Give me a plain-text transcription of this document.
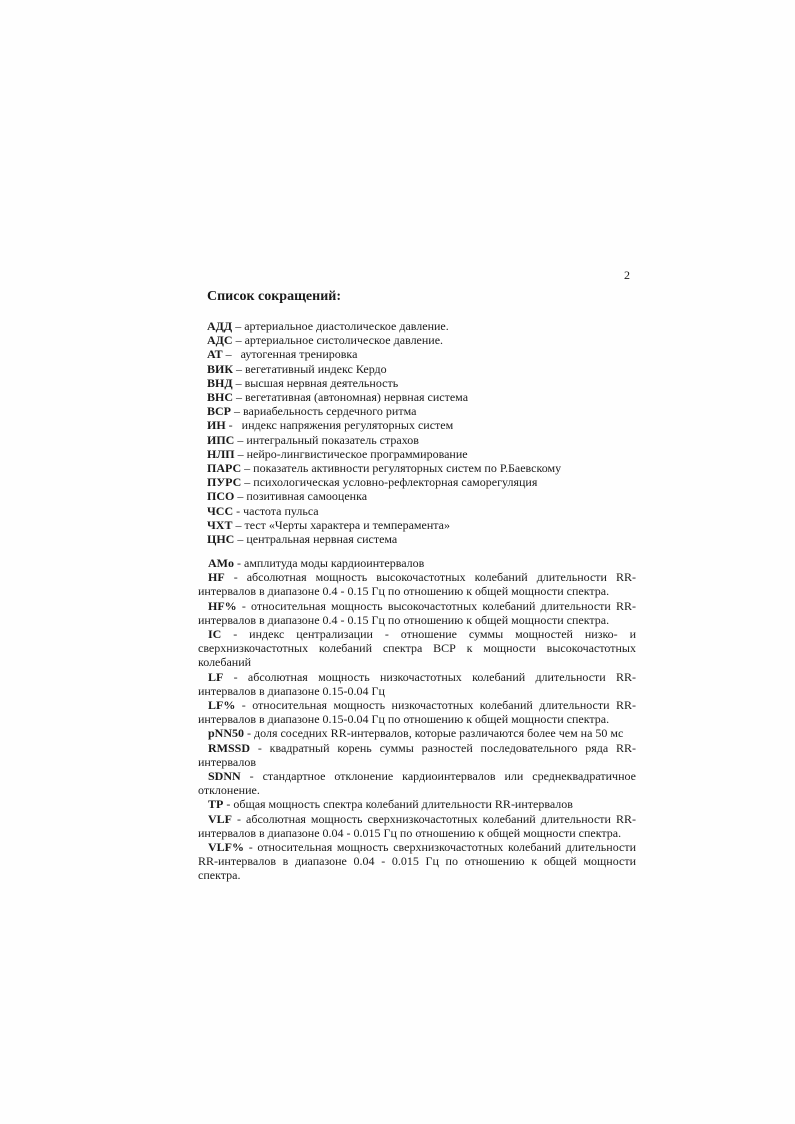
2
Список сокращений:
АДД – артериальное диастолическое давление.
АДС – артериальное систолическое давление.
АТ –   аутогенная тренировка
ВИК – вегетативный индекс Кердо
ВНД – высшая нервная деятельность
ВНС – вегетативная (автономная) нервная система
ВСР – вариабельность сердечного ритма
ИН -   индекс напряжения регуляторных систем
ИПС – интегральный показатель страхов
НЛП – нейро-лингвистическое программирование
ПАРС – показатель активности регуляторных систем по Р.Баевскому
ПУРС – психологическая условно-рефлекторная саморегуляция
ПСО – позитивная самооценка
ЧСС - частота пульса
ЧХТ – тест «Черты характера и темперамента»
ЦНС – центральная нервная система
AMo - амплитуда моды кардиоинтервалов
HF - абсолютная мощность высокочастотных колебаний длительности RR-интервалов в диапазоне 0.4 - 0.15 Гц по отношению к общей мощности спектра.
HF% - относительная мощность высокочастотных колебаний длительности RR-интервалов в диапазоне 0.4 - 0.15 Гц по отношению к общей мощности спектра.
IC - индекс централизации - отношение суммы мощностей низко- и сверхнизкочастотных колебаний спектра ВСР к мощности высокочастотных колебаний
LF - абсолютная мощность низкочастотных колебаний длительности RR-интервалов в диапазоне 0.15-0.04 Гц
LF% - относительная мощность низкочастотных колебаний длительности RR-интервалов в диапазоне 0.15-0.04 Гц по отношению к общей мощности спектра.
pNN50 - доля соседних RR-интервалов, которые различаются более чем на 50 мс
RMSSD - квадратный корень суммы разностей последовательного ряда RR-интервалов
SDNN - стандартное отклонение кардиоинтервалов или среднеквадратичное отклонение.
TP - общая мощность спектра колебаний длительности RR-интервалов
VLF - абсолютная мощность сверхнизкочастотных колебаний длительности RR-интервалов в диапазоне 0.04 - 0.015 Гц по отношению к общей мощности спектра.
VLF% - относительная мощность сверхнизкочастотных колебаний длительности RR-интервалов в диапазоне 0.04 - 0.015 Гц по отношению к общей мощности спектра.
